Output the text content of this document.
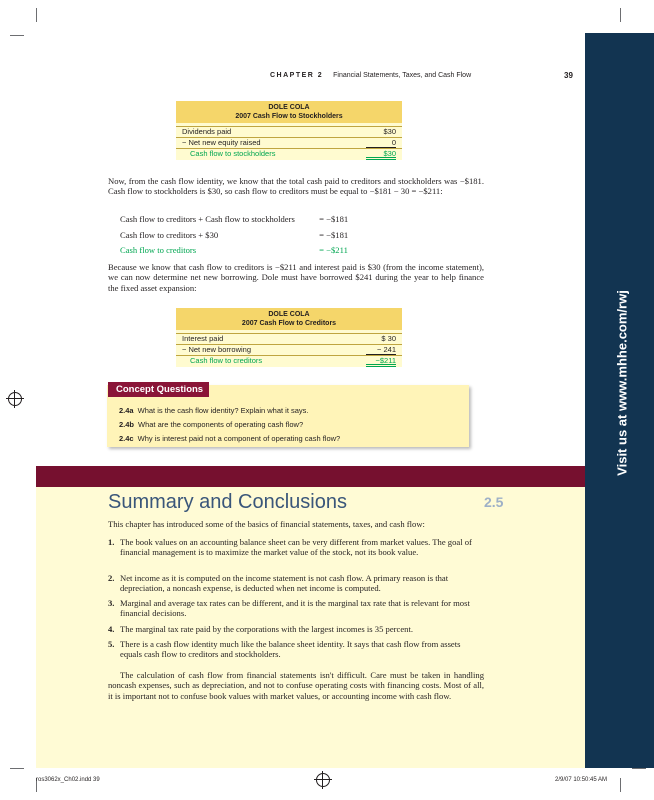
Visit us at www.mhhe.com/rwj
CHAPTER 2 Financial Statements, Taxes, and Cash Flow	39
DOLE COLA
2007 Cash Flow to Stockholders
Dividends paid	$30
− Net new equity raised	0
Cash flow to stockholders	$30
Now, from the cash flow identity, we know that the total cash paid to creditors and stockholders was −$181. Cash flow to stockholders is $30, so cash flow to creditors must be equal to −$181 − 30 = −$211:
Cash flow to creditors + Cash flow to stockholders	= −$181
Cash flow to creditors + $30	= −$181
Cash flow to creditors	= −$211
Because we know that cash flow to creditors is −$211 and interest paid is $30 (from the income statement), we can now determine net new borrowing. Dole must have borrowed $241 during the year to help finance the fixed asset expansion:
DOLE COLA
2007 Cash Flow to Creditors
Interest paid	$ 30
− Net new borrowing	− 241
Cash flow to creditors	−$211
Concept Questions
2.4a What is the cash flow identity? Explain what it says.
2.4b What are the components of operating cash flow?
2.4c Why is interest paid not a component of operating cash flow?
Summary and Conclusions	2.5
This chapter has introduced some of the basics of financial statements, taxes, and cash flow:
1. The book values on an accounting balance sheet can be very different from market values. The goal of financial management is to maximize the market value of the stock, not its book value.
2. Net income as it is computed on the income statement is not cash flow. A primary reason is that depreciation, a noncash expense, is deducted when net income is computed.
3. Marginal and average tax rates can be different, and it is the marginal tax rate that is relevant for most financial decisions.
4. The marginal tax rate paid by the corporations with the largest incomes is 35 percent.
5. There is a cash flow identity much like the balance sheet identity. It says that cash flow from assets equals cash flow to creditors and stockholders.
The calculation of cash flow from financial statements isn't difficult. Care must be taken in handling noncash expenses, such as depreciation, and not to confuse operating costs with financing costs. Most of all, it is important not to confuse book values with market values, or accounting income with cash flow.
ros3062x_Ch02.indd 39	2/9/07 10:50:45 AM
